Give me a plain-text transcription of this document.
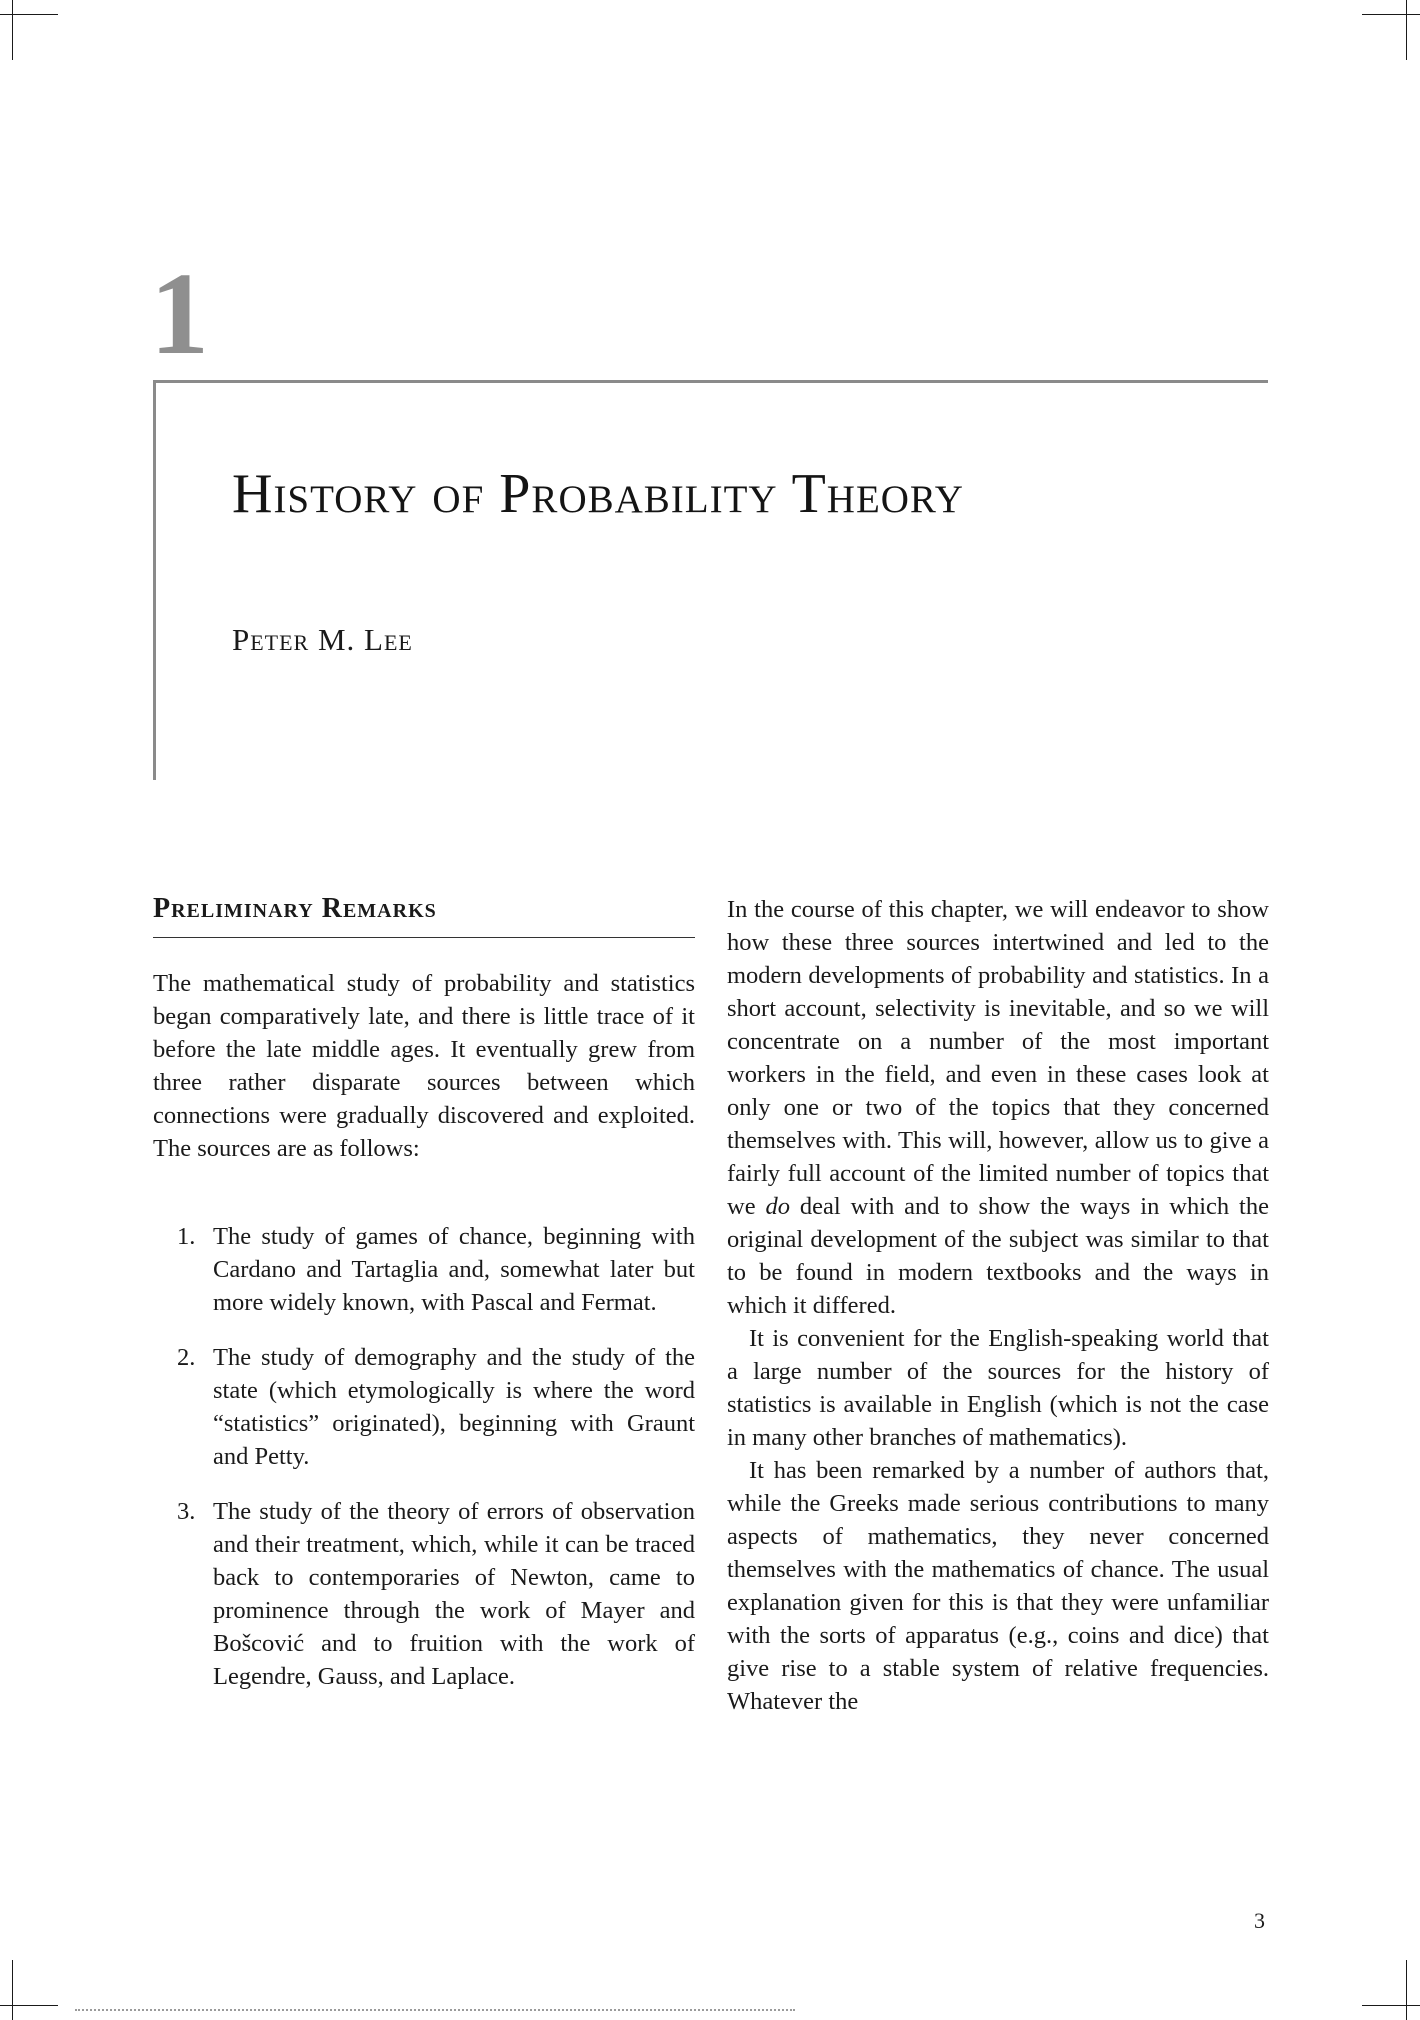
1
History of Probability Theory
Peter M. Lee
Preliminary Remarks

The mathematical study of probability and statistics began comparatively late, and there is little trace of it before the late middle ages. It eventually grew from three rather disparate sources between which connections were gradually discovered and exploited. The sources are as follows:

1. The study of games of chance, beginning with Cardano and Tartaglia and, somewhat later but more widely known, with Pascal and Fermat.
2. The study of demography and the study of the state (which etymologically is where the word “statistics” originated), beginning with Graunt and Petty.
3. The study of the theory of errors of observation and their treatment, which, while it can be traced back to contemporaries of Newton, came to prominence through the work of Mayer and Bošcović and to fruition with the work of Legendre, Gauss, and Laplace.

In the course of this chapter, we will endeavor to show how these three sources intertwined and led to the modern developments of probability and statistics. In a short account, selectivity is inevitable, and so we will concentrate on a number of the most important workers in the field, and even in these cases look at only one or two of the topics that they concerned themselves with. This will, however, allow us to give a fairly full account of the limited number of topics that we do deal with and to show the ways in which the original development of the subject was similar to that to be found in modern textbooks and the ways in which it differed.

It is convenient for the English-speaking world that a large number of the sources for the history of statistics is available in English (which is not the case in many other branches of mathematics).

It has been remarked by a number of authors that, while the Greeks made serious contributions to many aspects of mathematics, they never concerned themselves with the mathematics of chance. The usual explanation given for this is that they were unfamiliar with the sorts of apparatus (e.g., coins and dice) that give rise to a stable system of relative frequencies. Whatever the

3
